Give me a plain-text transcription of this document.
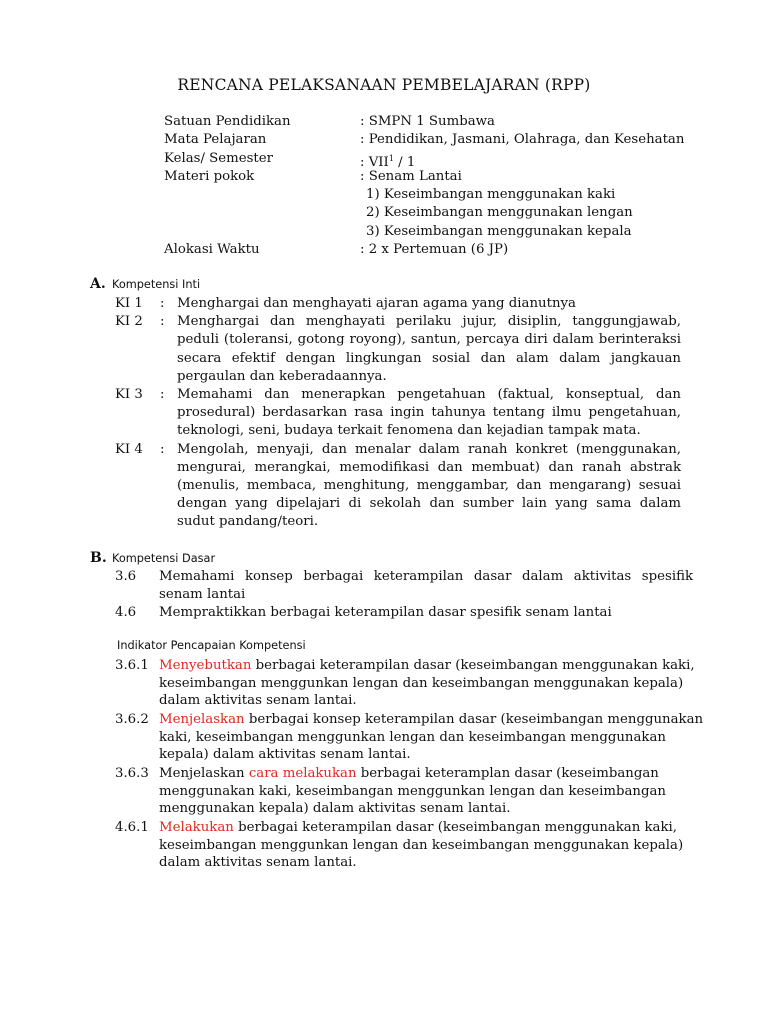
RENCANA PELAKSANAAN PEMBELAJARAN (RPP)
Satuan Pendidikan	: SMPN 1 Sumbawa
Mata Pelajaran	: Pendidikan, Jasmani, Olahraga, dan Kesehatan
Kelas/ Semester	: VII$^1$ / 1
Materi pokok	: Senam Lantai
1) Keseimbangan menggunakan kaki
2) Keseimbangan menggunakan lengan
3) Keseimbangan menggunakan kepala
Alokasi Waktu	: 2 x Pertemuan (6 JP)
A. Kompetensi Inti
KI 1	: Menghargai dan menghayati ajaran agama yang dianutnya
KI 2	: Menghargai dan menghayati perilaku jujur, disiplin, tanggungjawab, peduli (toleransi, gotong royong), santun, percaya diri dalam berinteraksi secara efektif dengan lingkungan sosial dan alam dalam jangkauan pergaulan dan keberadaannya.
KI 3	: Memahami dan menerapkan pengetahuan (faktual, konseptual, dan prosedural) berdasarkan rasa ingin tahunya tentang ilmu pengetahuan, teknologi, seni, budaya terkait fenomena dan kejadian tampak mata.
KI 4	: Mengolah, menyaji, dan menalar dalam ranah konkret (menggunakan, mengurai, merangkai, memodifikasi dan membuat) dan ranah abstrak (menulis, membaca, menghitung, menggambar, dan mengarang) sesuai dengan yang dipelajari di sekolah dan sumber lain yang sama dalam sudut pandang/teori.
B. Kompetensi Dasar
3.6	Memahami konsep berbagai keterampilan dasar dalam aktivitas spesifik senam lantai
4.6	Mempraktikkan berbagai keterampilan dasar spesifik senam lantai
Indikator Pencapaian Kompetensi
3.6.1 Menyebutkan berbagai keterampilan dasar (keseimbangan menggunakan kaki, keseimbangan menggunkan lengan dan keseimbangan menggunakan kepala) dalam aktivitas senam lantai.
3.6.2 Menjelaskan berbagai konsep keterampilan dasar (keseimbangan menggunakan kaki, keseimbangan menggunkan lengan dan keseimbangan menggunakan kepala) dalam aktivitas senam lantai.
3.6.3 Menjelaskan cara melakukan berbagai keteramplan dasar (keseimbangan menggunakan kaki, keseimbangan menggunkan lengan dan keseimbangan menggunakan kepala) dalam aktivitas senam lantai.
4.6.1 Melakukan berbagai keterampilan dasar (keseimbangan menggunakan kaki, keseimbangan menggunkan lengan dan keseimbangan menggunakan kepala) dalam aktivitas senam lantai.
